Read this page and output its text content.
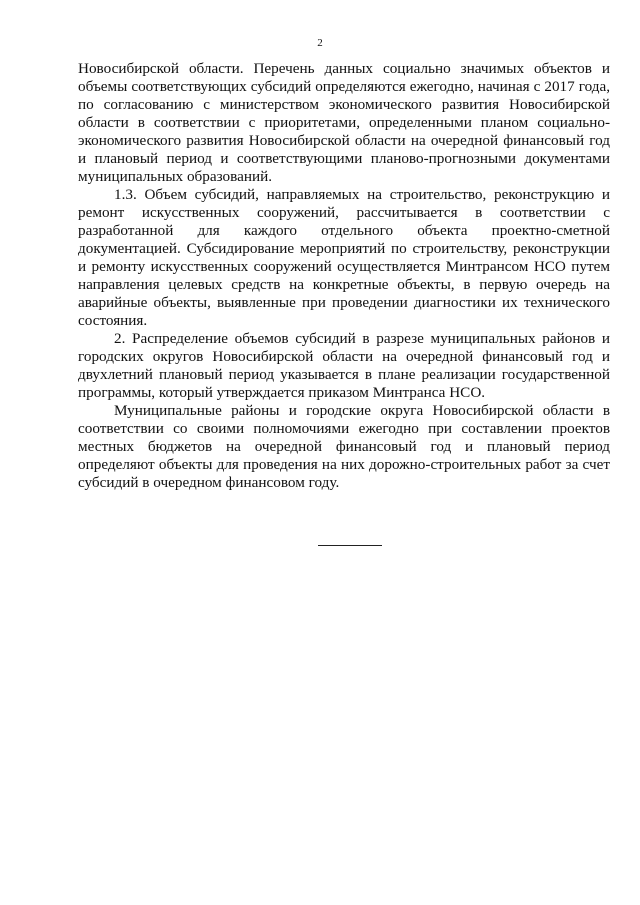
2

Новосибирской области. Перечень данных социально значимых объектов и объемы соответствующих субсидий определяются ежегодно, начиная с 2017 года, по согласованию с министерством экономического развития Новосибирской области в соответствии с приоритетами, определенными планом социально-экономического развития Новосибирской области на очередной финансовый год и плановый период и соответствующими планово-прогнозными документами муниципальных образований.

1.3. Объем субсидий, направляемых на строительство, реконструкцию и ремонт искусственных сооружений, рассчитывается в соответствии с разработанной для каждого отдельного объекта проектно-сметной документацией. Субсидирование мероприятий по строительству, реконструкции и ремонту искусственных сооружений осуществляется Минтрансом НСО путем направления целевых средств на конкретные объекты, в первую очередь на аварийные объекты, выявленные при проведении диагностики их технического состояния.

2. Распределение объемов субсидий в разрезе муниципальных районов и городских округов Новосибирской области на очередной финансовый год и двухлетний плановый период указывается в плане реализации государственной программы, который утверждается приказом Минтранса НСО.

Муниципальные районы и городские округа Новосибирской области в соответствии со своими полномочиями ежегодно при составлении проектов местных бюджетов на очередной финансовый год и плановый период определяют объекты для проведения на них дорожно-строительных работ за счет субсидий в очередном финансовом году.
